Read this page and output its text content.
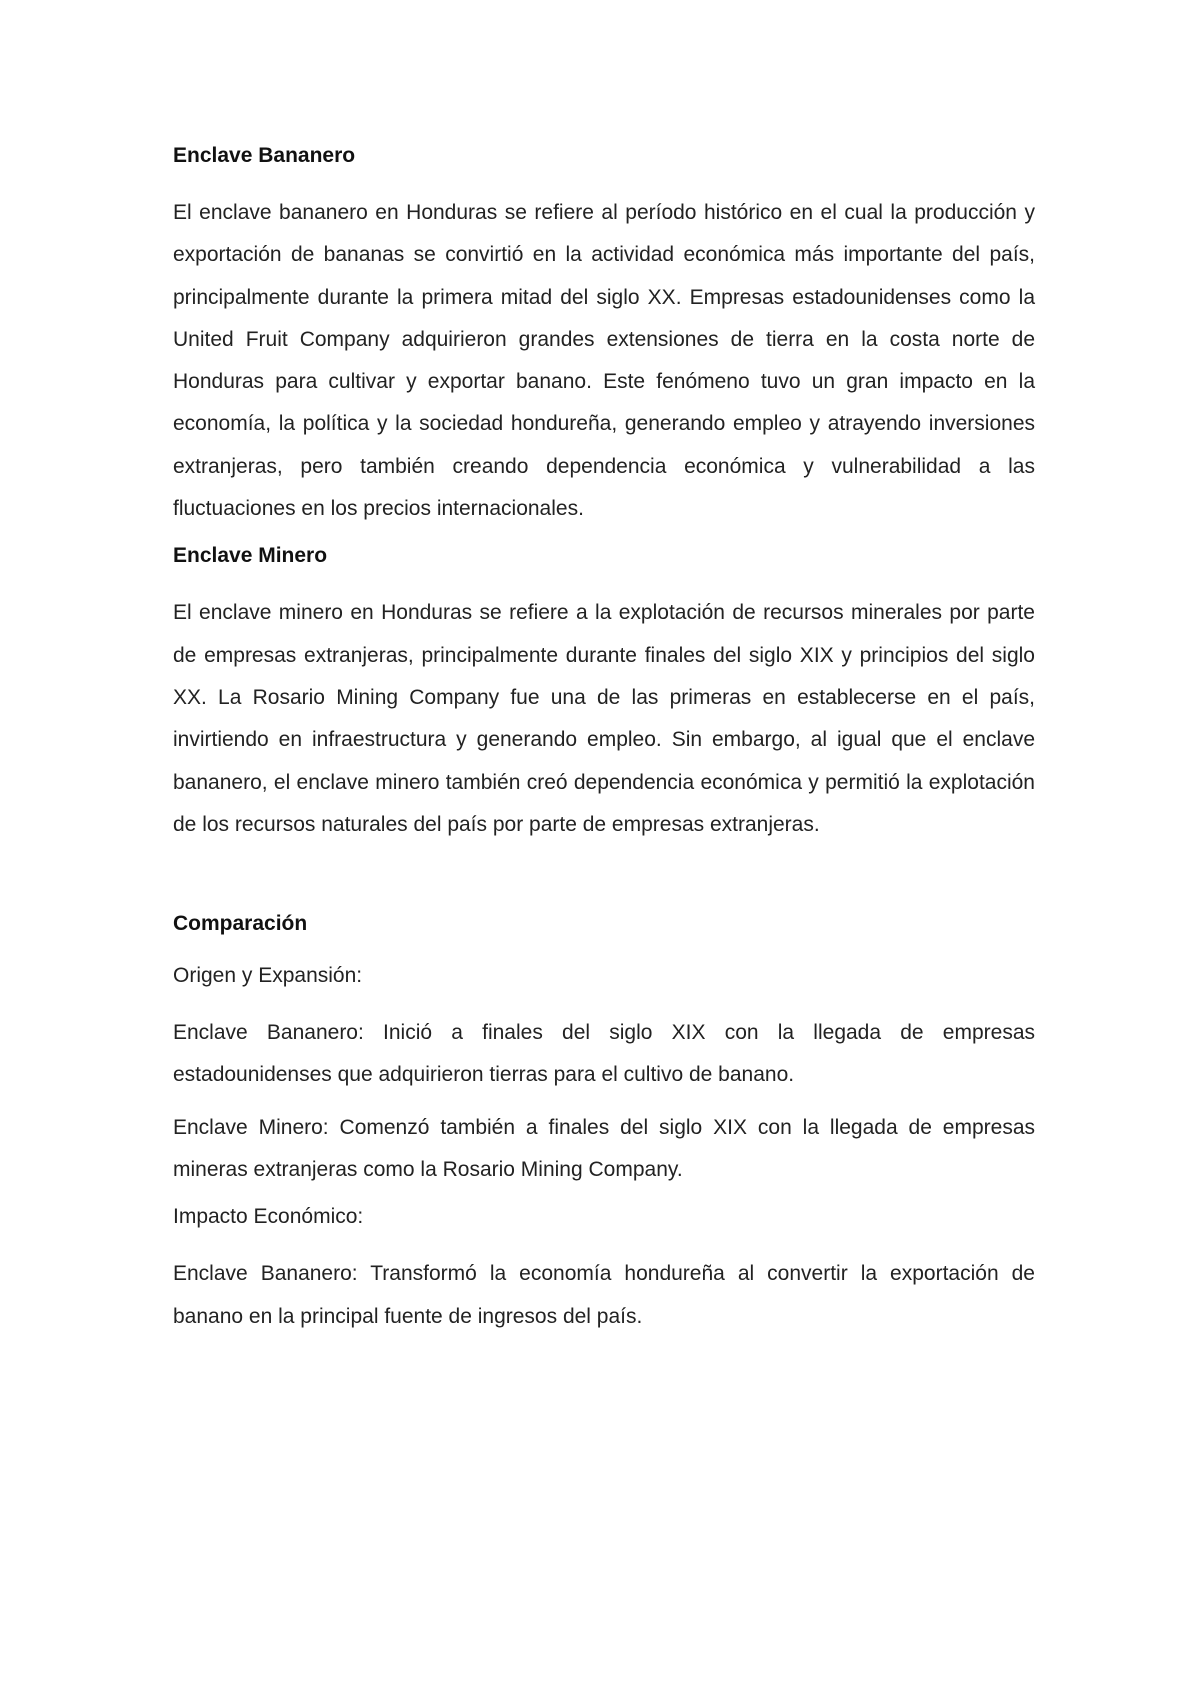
Enclave Bananero
El enclave bananero en Honduras se refiere al período histórico en el cual la producción y exportación de bananas se convirtió en la actividad económica más importante del país, principalmente durante la primera mitad del siglo XX. Empresas estadounidenses como la United Fruit Company adquirieron grandes extensiones de tierra en la costa norte de Honduras para cultivar y exportar banano. Este fenómeno tuvo un gran impacto en la economía, la política y la sociedad hondureña, generando empleo y atrayendo inversiones extranjeras, pero también creando dependencia económica y vulnerabilidad a las fluctuaciones en los precios internacionales.
Enclave Minero
El enclave minero en Honduras se refiere a la explotación de recursos minerales por parte de empresas extranjeras, principalmente durante finales del siglo XIX y principios del siglo XX. La Rosario Mining Company fue una de las primeras en establecerse en el país, invirtiendo en infraestructura y generando empleo. Sin embargo, al igual que el enclave bananero, el enclave minero también creó dependencia económica y permitió la explotación de los recursos naturales del país por parte de empresas extranjeras.
Comparación
Origen y Expansión:
Enclave Bananero: Inició a finales del siglo XIX con la llegada de empresas estadounidenses que adquirieron tierras para el cultivo de banano.
Enclave Minero: Comenzó también a finales del siglo XIX con la llegada de empresas mineras extranjeras como la Rosario Mining Company.
Impacto Económico:
Enclave Bananero: Transformó la economía hondureña al convertir la exportación de banano en la principal fuente de ingresos del país.
